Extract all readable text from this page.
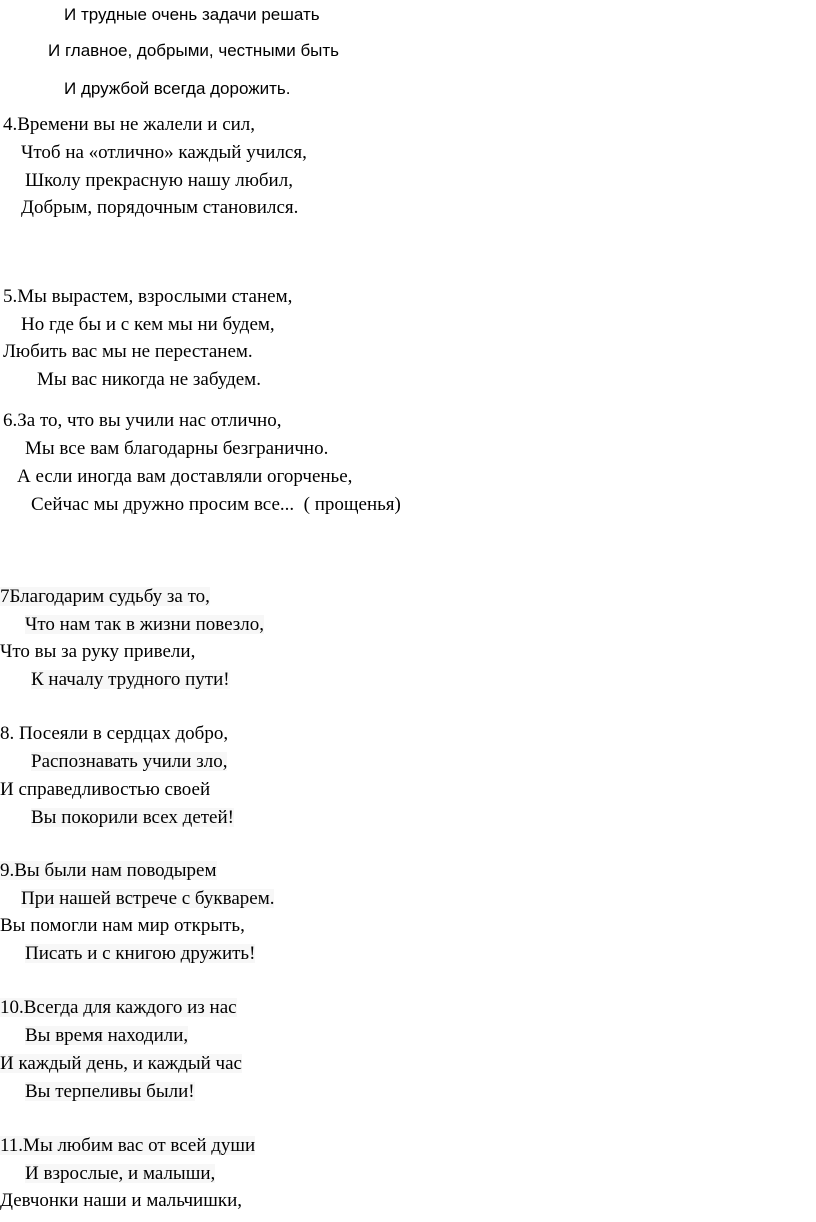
И трудные очень задачи решать
И главное, добрыми, честными быть
И дружбой всегда дорожить.
4.Времени вы не жалели и сил,
Чтоб на «отлично» каждый учился,
Школу прекрасную нашу любил,
Добрым, порядочным становился.
5.Мы вырастем, взрослыми станем,
Но где бы и с кем мы ни будем,
Любить вас мы не перестанем.
Мы вас никогда не забудем.
6.За то, что вы учили нас отлично,
Мы все вам благодарны безгранично.
А если иногда вам доставляли огорченье,
Сейчас мы дружно просим все...  ( прощенья)
7Благодарим судьбу за то,
Что нам так в жизни повезло,
Что вы за руку привели,
К началу трудного пути!
8. Посеяли в сердцах добро,
Распознавать учили зло,
И справедливостью своей
Вы покорили всех детей!
9.Вы были нам поводырем
При нашей встрече с букварем.
Вы помогли нам мир открыть,
Писать и с книгою дружить!
10.Всегда для каждого из нас
Вы время находили,
И каждый день, и каждый час
Вы терпеливы были!
11.Мы любим вас от всей души
И взрослые, и малыши,
Девчонки наши и мальчишки,
